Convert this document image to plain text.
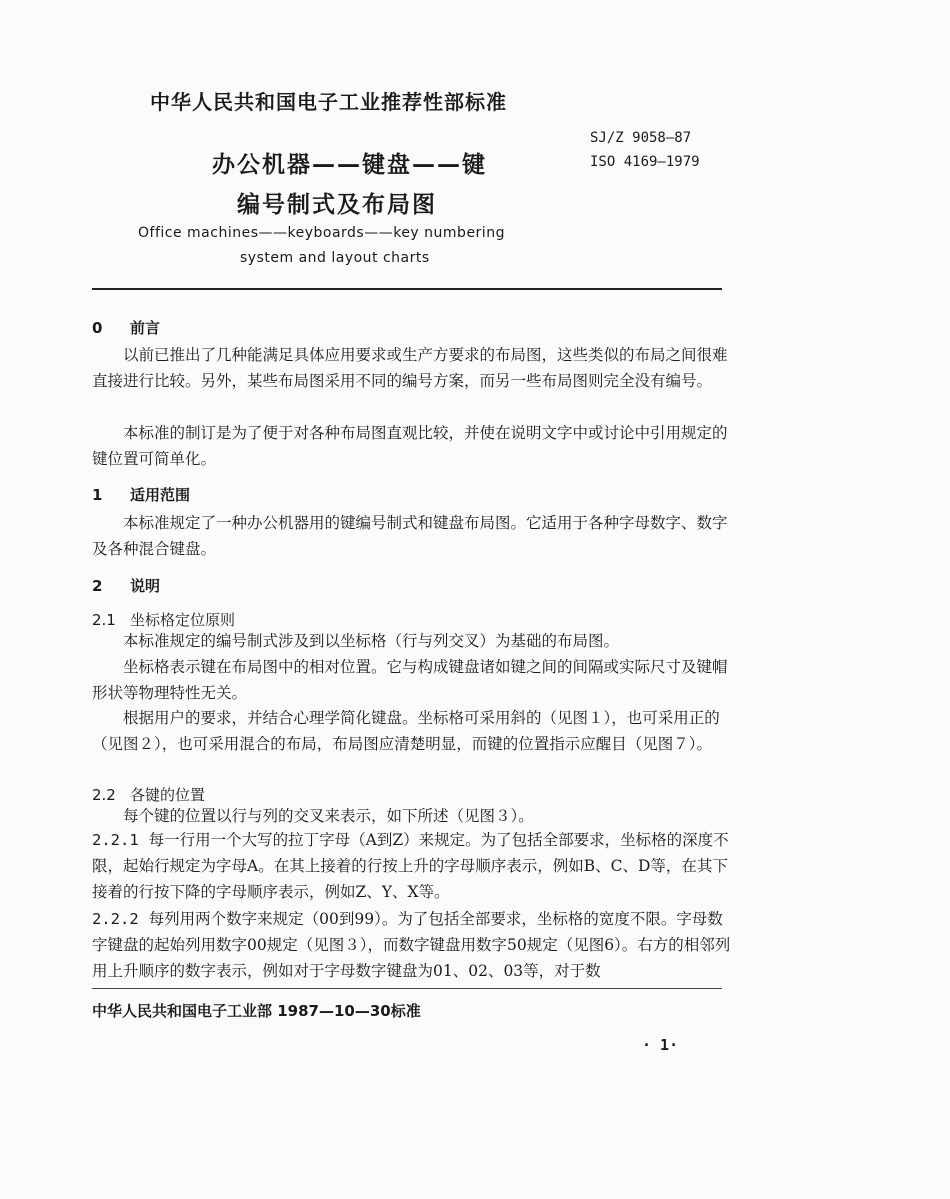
中华人民共和国电子工业推荐性部标准
SJ/Z 9058—87
ISO 4169—1979
办公机器——键盘——键
编号制式及布局图
Office machines——keyboards——key numbering
system and layout charts
0 前言
以前已推出了几种能满足具体应用要求或生产方要求的布局图，这些类似的布局之间很难直接进行比较。另外，某些布局图采用不同的编号方案，而另一些布局图则完全没有编号。
本标准的制订是为了便于对各种布局图直观比较，并使在说明文字中或讨论中引用规定的键位置可简单化。
1 适用范围
本标准规定了一种办公机器用的键编号制式和键盘布局图。它适用于各种字母数字、数字及各种混合键盘。
2 说明
2.1 坐标格定位原则
本标准规定的编号制式涉及到以坐标格（行与列交叉）为基础的布局图。
坐标格表示键在布局图中的相对位置。它与构成键盘诸如键之间的间隔或实际尺寸及键帽形状等物理特性无关。
根据用户的要求，并结合心理学简化键盘。坐标格可采用斜的（见图１），也可采用正的（见图２），也可采用混合的布局，布局图应清楚明显，而键的位置指示应醒目（见图７）。
2.2 各键的位置
每个键的位置以行与列的交叉来表示，如下所述（见图３）。
2.2.1 每一行用一个大写的拉丁字母（A到Z）来规定。为了包括全部要求，坐标格的深度不限，起始行规定为字母A。在其上接着的行按上升的字母顺序表示，例如B、C、D等，在其下接着的行按下降的字母顺序表示，例如Z、Y、X等。
2.2.2 每列用两个数字来规定（00到99）。为了包括全部要求，坐标格的宽度不限。字母数字键盘的起始列用数字00规定（见图３），而数字键盘用数字50规定（见图6）。右方的相邻列用上升顺序的数字表示，例如对于字母数字键盘为01、02、03等，对于数
中华人民共和国电子工业部 1987—10—30标准
· 1·
